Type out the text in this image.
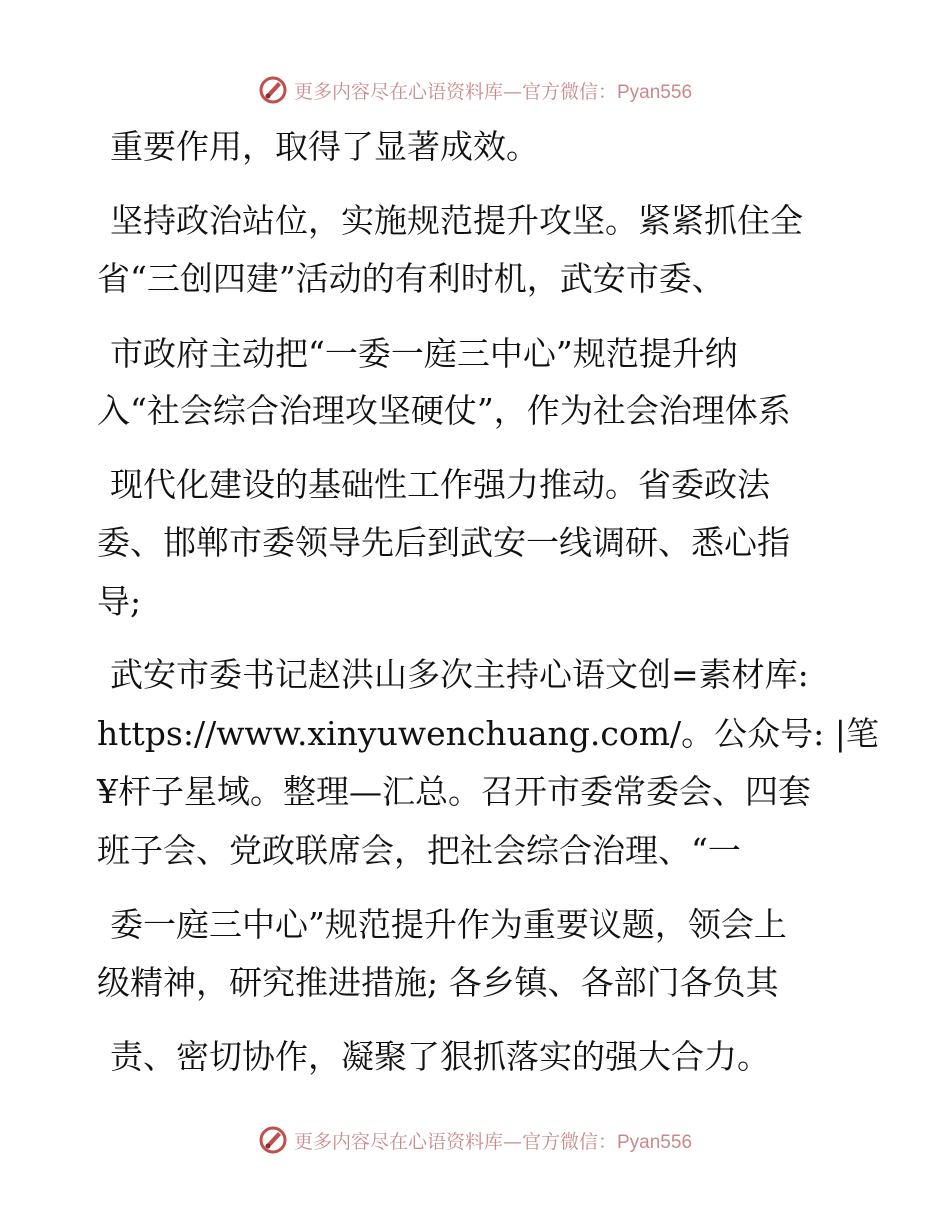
更多内容尽在心语资料库—官方微信：Pyan556
重要作用，取得了显著成效。
坚持政治站位，实施规范提升攻坚。紧紧抓住全
省“三创四建”活动的有利时机，武安市委、
市政府主动把“一委一庭三中心”规范提升纳
入“社会综合治理攻坚硬仗”，作为社会治理体系
现代化建设的基础性工作强力推动。省委政法
委、邯郸市委领导先后到武安一线调研、悉心指
导;
武安市委书记赵洪山多次主持心语文创=素材库:
https://www.xinyuwenchuang.com/。公众号: |笔
¥杆子星域。整理—汇总。召开市委常委会、四套
班子会、党政联席会，把社会综合治理、“一
委一庭三中心”规范提升作为重要议题，领会上
级精神，研究推进措施; 各乡镇、各部门各负其
责、密切协作，凝聚了狠抓落实的强大合力。
更多内容尽在心语资料库—官方微信：Pyan556
